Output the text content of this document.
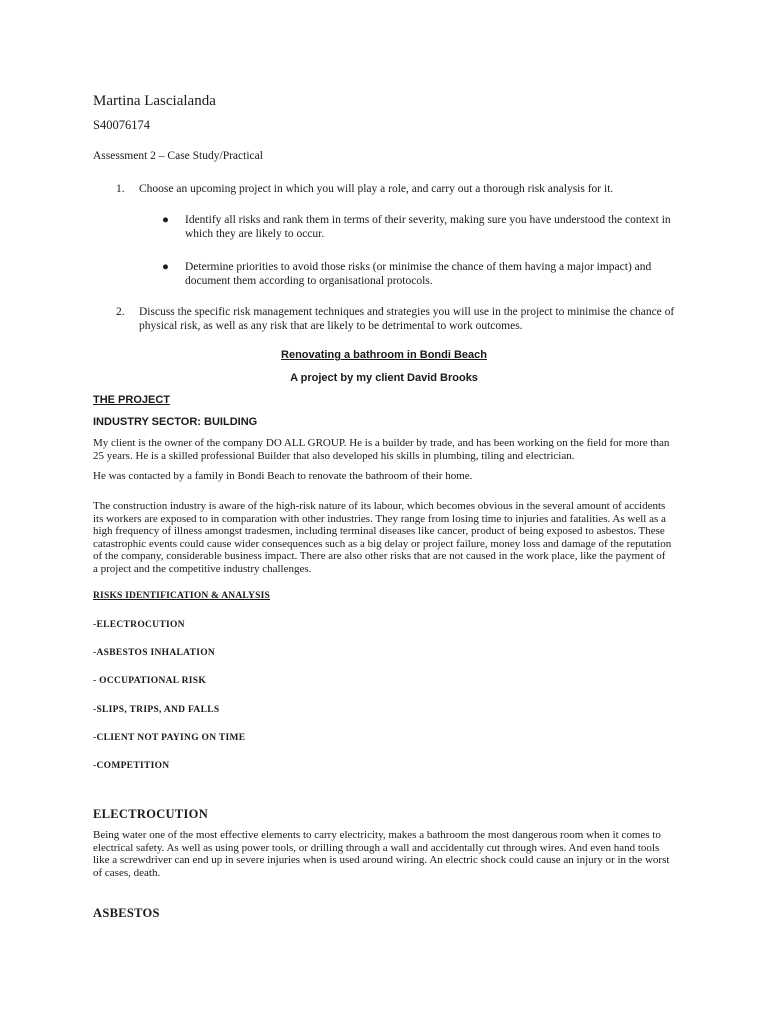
Martina Lascialanda

S40076174

Assessment 2 – Case Study/Practical

1. Choose an upcoming project in which you will play a role, and carry out a thorough risk analysis for it.
● Identify all risks and rank them in terms of their severity, making sure you have understood the context in which they are likely to occur.
● Determine priorities to avoid those risks (or minimise the chance of them having a major impact) and document them according to organisational protocols.
2. Discuss the specific risk management techniques and strategies you will use in the project to minimise the chance of physical risk, as well as any risk that are likely to be detrimental to work outcomes.

Renovating a bathroom in Bondi Beach

A project by my client David Brooks

THE PROJECT

INDUSTRY SECTOR: BUILDING

My client is the owner of the company DO ALL GROUP. He is a builder by trade, and has been working on the field for more than 25 years. He is a skilled professional Builder that also developed his skills in plumbing, tiling and electrician.

He was contacted by a family in Bondi Beach to renovate the bathroom of their home.

The construction industry is aware of the high-risk nature of its labour, which becomes obvious in the several amount of accidents its workers are exposed to in comparation with other industries. They range from losing time to injuries and fatalities. As well as a high frequency of illness amongst tradesmen, including terminal diseases like cancer, product of being exposed to asbestos. These catastrophic events could cause wider consequences such as a big delay or project failure, money loss and damage of the reputation of the company, considerable business impact. There are also other risks that are not caused in the work place, like the payment of a project and the competitive industry challenges.

RISKS IDENTIFICATION & ANALYSIS

-ELECTROCUTION

-ASBESTOS INHALATION

- OCCUPATIONAL RISK

-SLIPS, TRIPS, AND FALLS

-CLIENT NOT PAYING ON TIME

-COMPETITION

ELECTROCUTION

Being water one of the most effective elements to carry electricity, makes a bathroom the most dangerous room when it comes to electrical safety. As well as using power tools, or drilling through a wall and accidentally cut through wires. And even hand tools like a screwdriver can end up in severe injuries when is used around wiring. An electric shock could cause an injury or in the worst of cases, death.

ASBESTOS
